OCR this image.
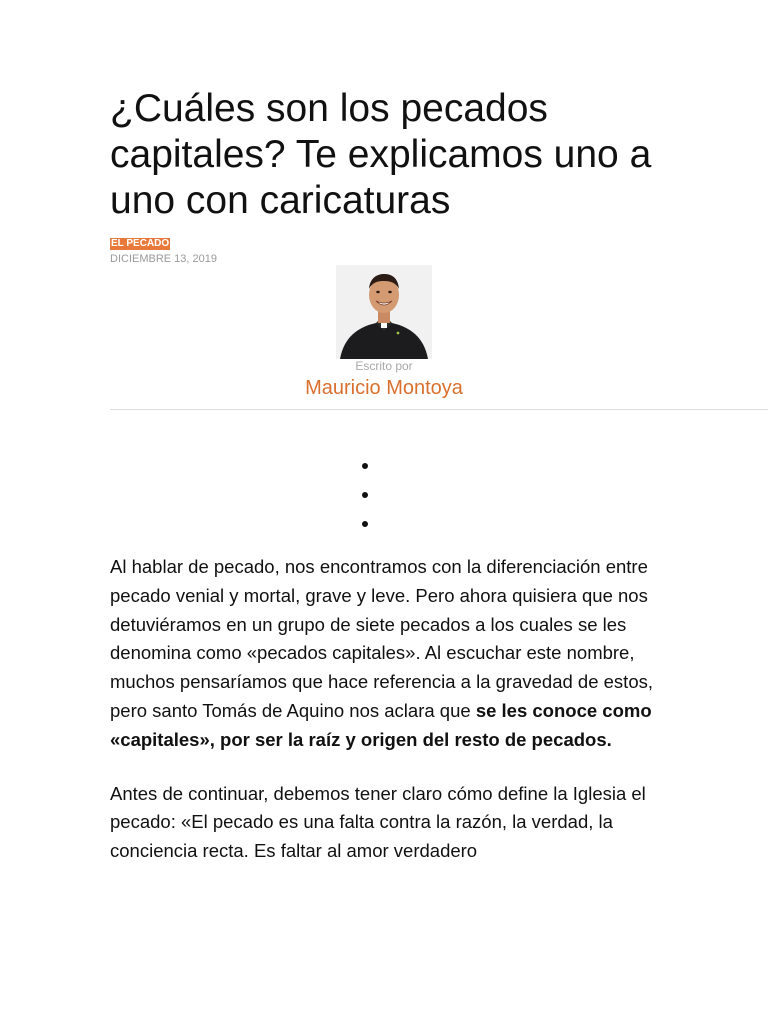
¿Cuáles son los pecados capitales? Te explicamos uno a uno con caricaturas
EL PECADO
DICIEMBRE 13, 2019
Escrito por
Mauricio Montoya

Al hablar de pecado, nos encontramos con la diferenciación entre pecado venial y mortal, grave y leve. Pero ahora quisiera que nos detuviéramos en un grupo de siete pecados a los cuales se les denomina como «pecados capitales». Al escuchar este nombre, muchos pensaríamos que hace referencia a la gravedad de estos, pero santo Tomás de Aquino nos aclara que se les conoce como «capitales», por ser la raíz y origen del resto de pecados.

Antes de continuar, debemos tener claro cómo define la Iglesia el pecado: «El pecado es una falta contra la razón, la verdad, la conciencia recta. Es faltar al amor verdadero
